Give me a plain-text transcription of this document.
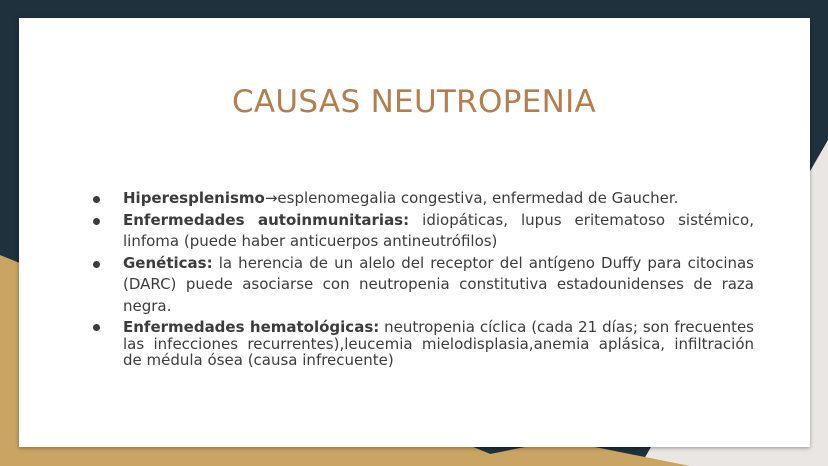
CAUSAS NEUTROPENIA
Hiperesplenismo→esplenomegalia congestiva, enfermedad de Gaucher.
Enfermedades autoinmunitarias: idiopáticas, lupus eritematoso sistémico, linfoma (puede haber anticuerpos antineutrófilos)
Genéticas: la herencia de un alelo del receptor del antígeno Duffy para citocinas (DARC) puede asociarse con neutropenia constitutiva estadounidenses de raza negra.
Enfermedades hematológicas: neutropenia cíclica (cada 21 días; son frecuentes las infecciones recurrentes),leucemia mielodisplasia,anemia aplásica, infiltración de médula ósea (causa infrecuente)
